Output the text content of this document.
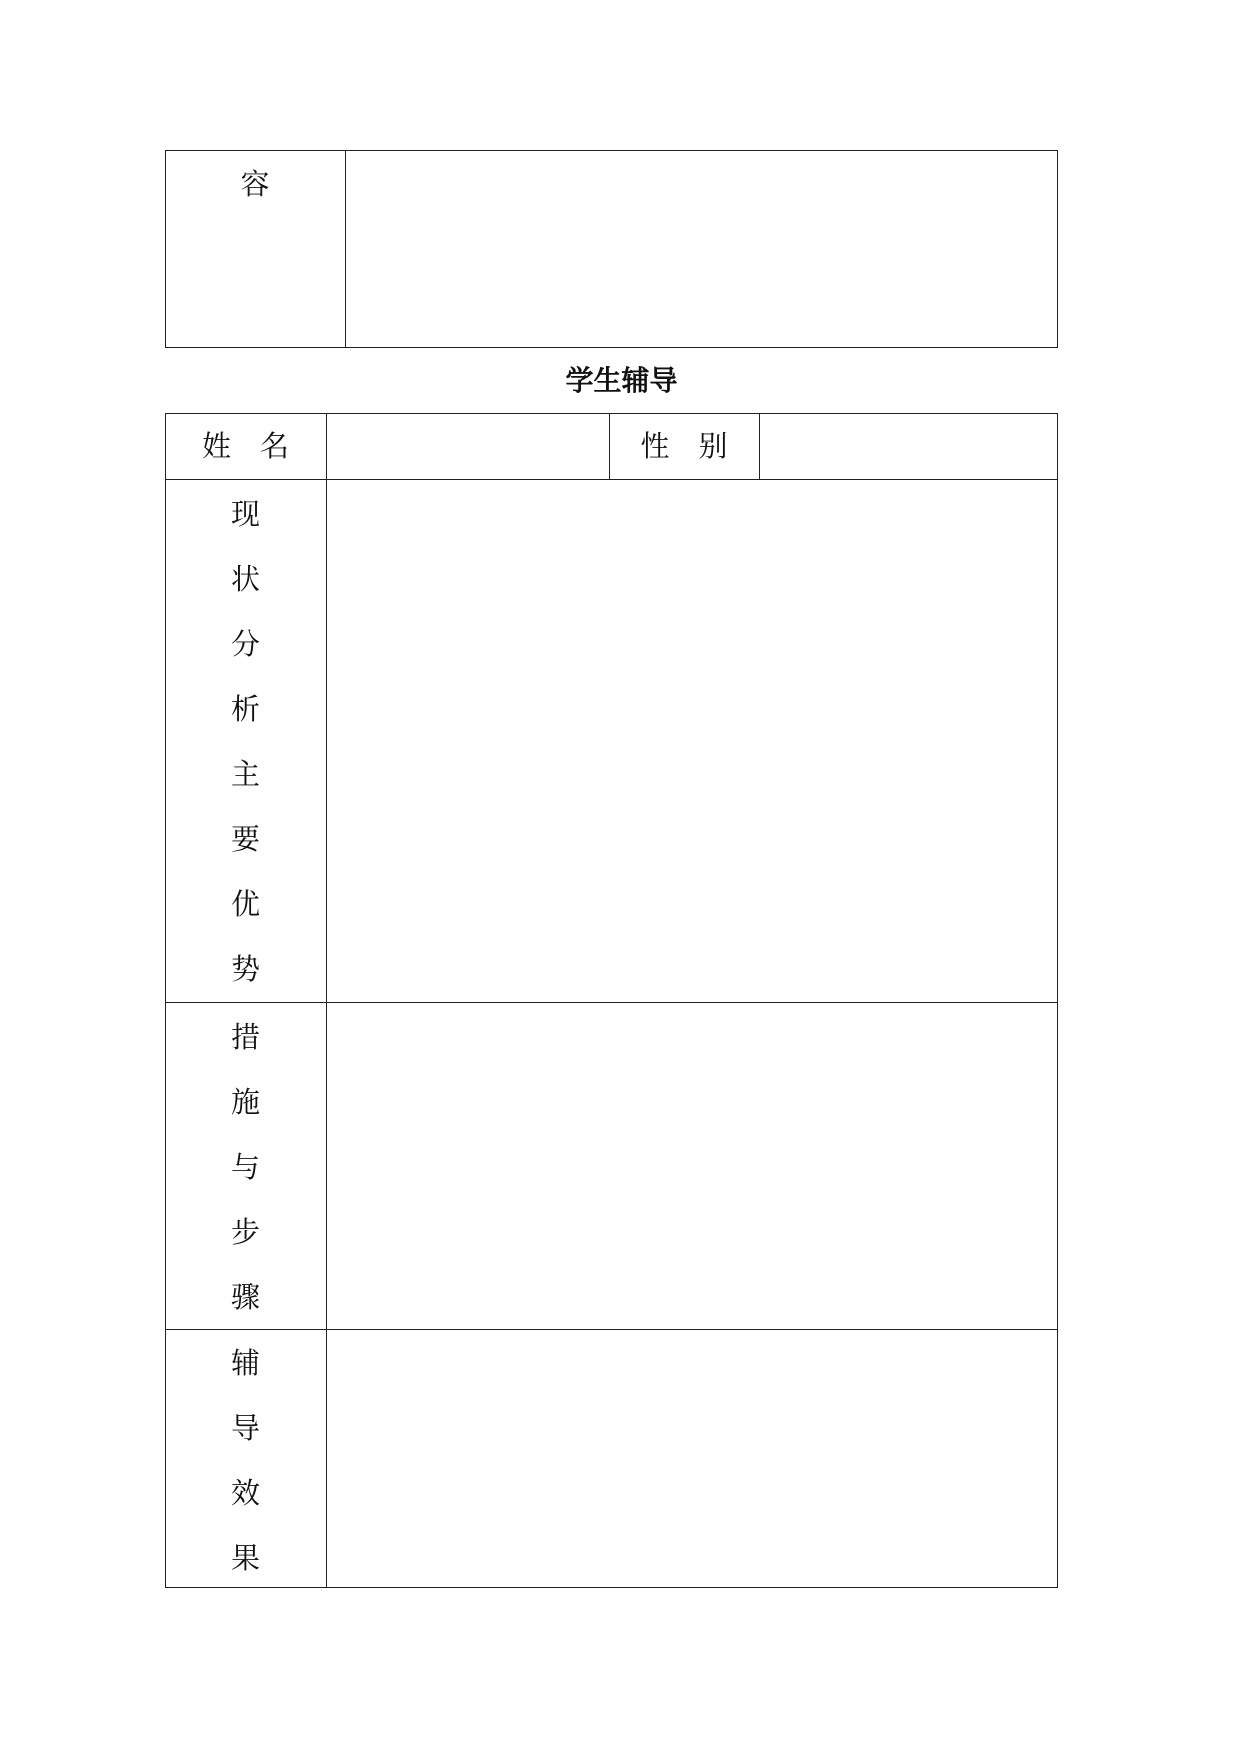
容
学生辅导
姓　名	性　别
现
状
分
析
主
要
优
势
措
施
与
步
骤
辅
导
效
果
